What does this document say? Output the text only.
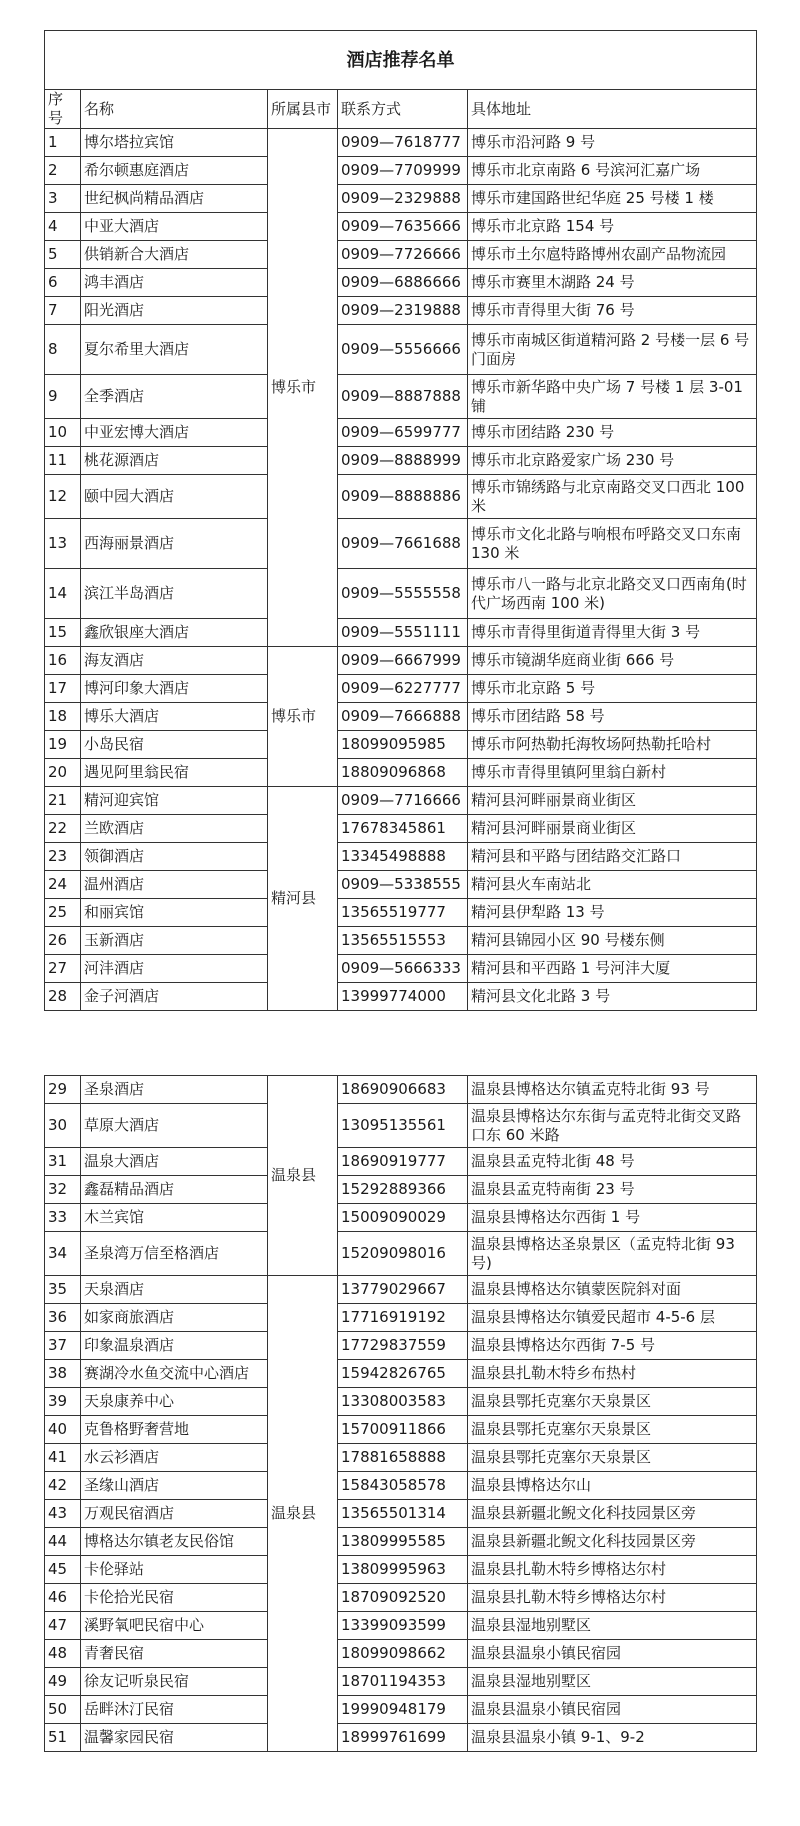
酒店推荐名单				
序号	名称	所属县市	联系方式	具体地址
1	博尔塔拉宾馆	博乐市	0909—7618777	博乐市沿河路 9 号
2	希尔顿惠庭酒店		0909—7709999	博乐市北京南路 6 号滨河汇嘉广场
3	世纪枫尚精品酒店		0909—2329888	博乐市建国路世纪华庭 25 号楼 1 楼
4	中亚大酒店		0909—7635666	博乐市北京路 154 号
5	供销新合大酒店		0909—7726666	博乐市土尔扈特路博州农副产品物流园
6	鸿丰酒店		0909—6886666	博乐市赛里木湖路 24 号
7	阳光酒店		0909—2319888	博乐市青得里大街 76 号
8	夏尔希里大酒店		0909—5556666	博乐市南城区街道精河路 2 号楼一层 6 号门面房
9	全季酒店		0909—8887888	博乐市新华路中央广场 7 号楼 1 层 3-01 铺
10	中亚宏博大酒店		0909—6599777	博乐市团结路 230 号
11	桃花源酒店		0909—8888999	博乐市北京路爱家广场 230 号
12	颐中园大酒店		0909—8888886	博乐市锦绣路与北京南路交叉口西北 100 米
13	西海丽景酒店		0909—7661688	博乐市文化北路与响根布呼路交叉口东南 130 米
14	滨江半岛酒店		0909—5555558	博乐市八一路与北京北路交叉口西南角(时代广场西南 100 米)
15	鑫欣银座大酒店		0909—5551111	博乐市青得里街道青得里大街 3 号
16	海友酒店	博乐市	0909—6667999	博乐市镜湖华庭商业街 666 号
17	博河印象大酒店		0909—6227777	博乐市北京路 5 号
18	博乐大酒店		0909—7666888	博乐市团结路 58 号
19	小岛民宿		18099095985	博乐市阿热勒托海牧场阿热勒托哈村
20	遇见阿里翁民宿		18809096868	博乐市青得里镇阿里翁白新村
21	精河迎宾馆	精河县	0909—7716666	精河县河畔丽景商业街区
22	兰欧酒店		17678345861	精河县河畔丽景商业街区
23	领御酒店		13345498888	精河县和平路与团结路交汇路口
24	温州酒店		0909—5338555	精河县火车南站北
25	和丽宾馆		13565519777	精河县伊犁路 13 号
26	玉新酒店		13565515553	精河县锦园小区 90 号楼东侧
27	河沣酒店		0909—5666333	精河县和平西路 1 号河沣大厦
28	金子河酒店		13999774000	精河县文化北路 3 号
29	圣泉酒店	温泉县	18690906683	温泉县博格达尔镇孟克特北街 93 号
30	草原大酒店		13095135561	温泉县博格达尔东街与孟克特北街交叉路口东 60 米路
31	温泉大酒店		18690919777	温泉县孟克特北街 48 号
32	鑫磊精品酒店		15292889366	温泉县孟克特南街 23 号
33	木兰宾馆		15009090029	温泉县博格达尔西街 1 号
34	圣泉湾万信至格酒店		15209098016	温泉县博格达圣泉景区（孟克特北街 93 号)
35	天泉酒店	温泉县	13779029667	温泉县博格达尔镇蒙医院斜对面
36	如家商旅酒店		17716919192	温泉县博格达尔镇爱民超市 4-5-6 层
37	印象温泉酒店		17729837559	温泉县博格达尔西街 7-5 号
38	赛湖冷水鱼交流中心酒店		15942826765	温泉县扎勒木特乡布热村
39	天泉康养中心		13308003583	温泉县鄂托克塞尔天泉景区
40	克鲁格野奢营地		15700911866	温泉县鄂托克塞尔天泉景区
41	水云衫酒店		17881658888	温泉县鄂托克塞尔天泉景区
42	圣缘山酒店		15843058578	温泉县博格达尔山
43	万观民宿酒店		13565501314	温泉县新疆北鲵文化科技园景区旁
44	博格达尔镇老友民俗馆		13809995585	温泉县新疆北鲵文化科技园景区旁
45	卡伦驿站		13809995963	温泉县扎勒木特乡博格达尔村
46	卡伦拾光民宿		18709092520	温泉县扎勒木特乡博格达尔村
47	溪野氧吧民宿中心		13399093599	温泉县湿地别墅区
48	青奢民宿		18099098662	温泉县温泉小镇民宿园
49	徐友记听泉民宿		18701194353	温泉县湿地别墅区
50	岳畔沐汀民宿		19990948179	温泉县温泉小镇民宿园
51	温馨家园民宿		18999761699	温泉县温泉小镇 9-1、9-2
